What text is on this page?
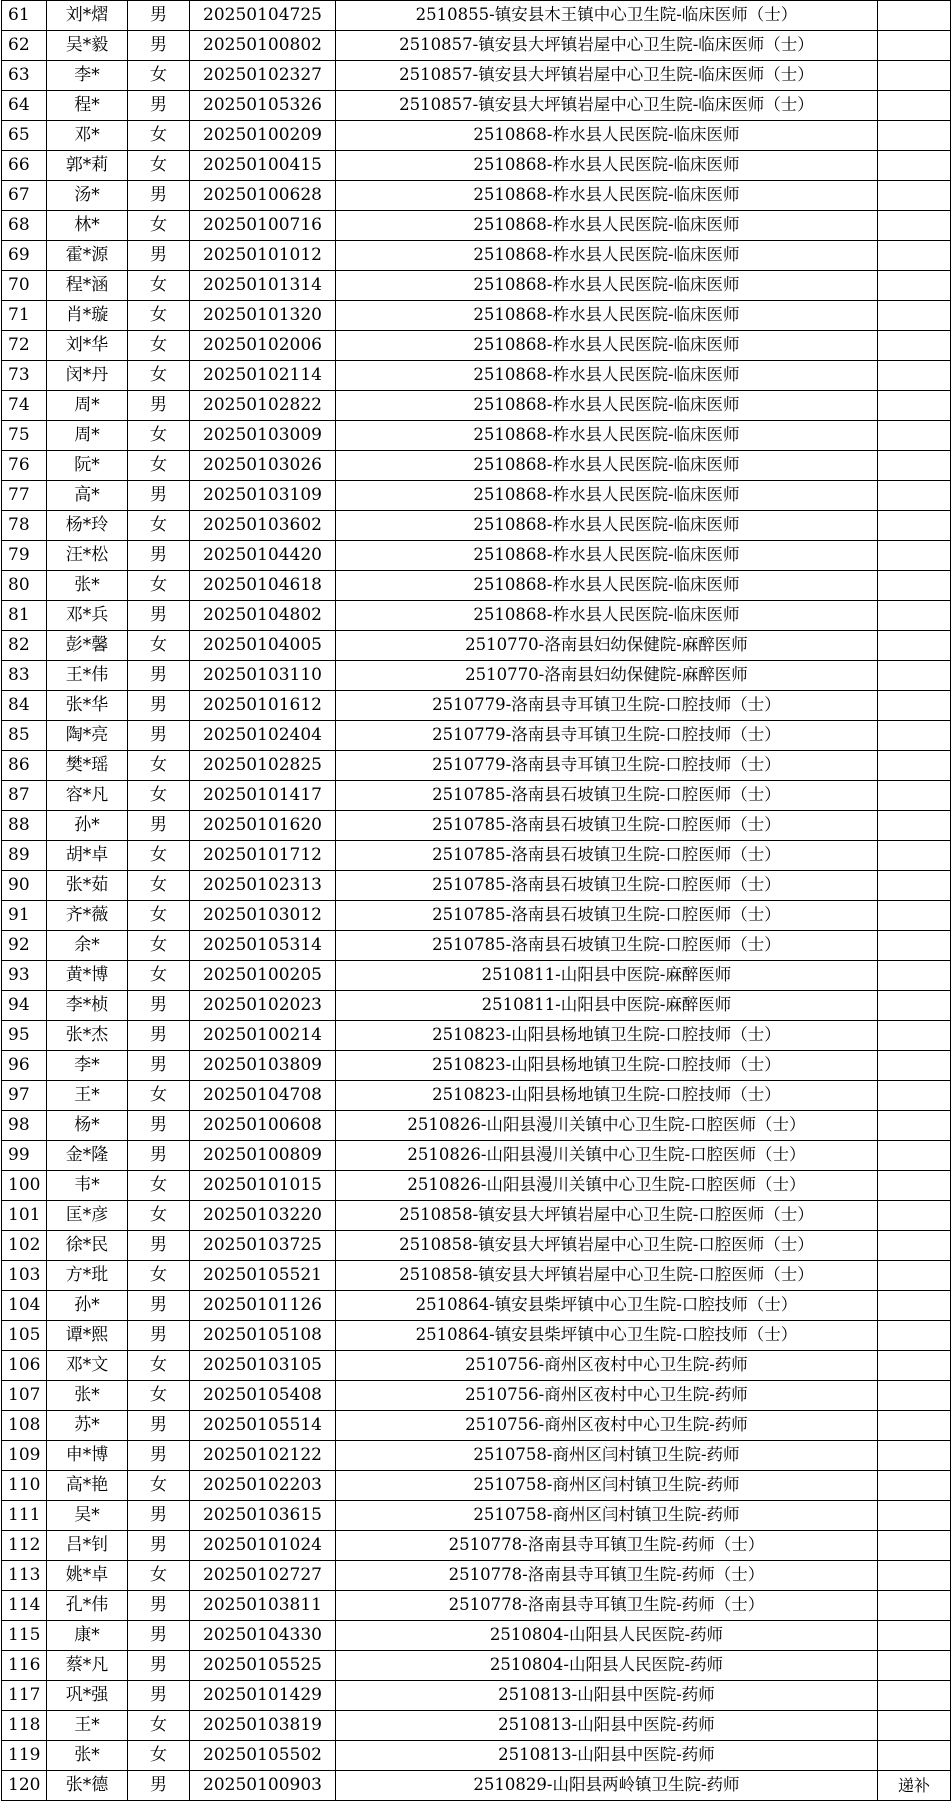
61	刘*熠	男	20250104725	2510855-镇安县木王镇中心卫生院-临床医师（士）	
62	吴*毅	男	20250100802	2510857-镇安县大坪镇岩屋中心卫生院-临床医师（士）	
63	李*	女	20250102327	2510857-镇安县大坪镇岩屋中心卫生院-临床医师（士）	
64	程*	男	20250105326	2510857-镇安县大坪镇岩屋中心卫生院-临床医师（士）	
65	邓*	女	20250100209	2510868-柞水县人民医院-临床医师	
66	郭*莉	女	20250100415	2510868-柞水县人民医院-临床医师	
67	汤*	男	20250100628	2510868-柞水县人民医院-临床医师	
68	林*	女	20250100716	2510868-柞水县人民医院-临床医师	
69	霍*源	男	20250101012	2510868-柞水县人民医院-临床医师	
70	程*涵	女	20250101314	2510868-柞水县人民医院-临床医师	
71	肖*璇	女	20250101320	2510868-柞水县人民医院-临床医师	
72	刘*华	女	20250102006	2510868-柞水县人民医院-临床医师	
73	闵*丹	女	20250102114	2510868-柞水县人民医院-临床医师	
74	周*	男	20250102822	2510868-柞水县人民医院-临床医师	
75	周*	女	20250103009	2510868-柞水县人民医院-临床医师	
76	阮*	女	20250103026	2510868-柞水县人民医院-临床医师	
77	高*	男	20250103109	2510868-柞水县人民医院-临床医师	
78	杨*玲	女	20250103602	2510868-柞水县人民医院-临床医师	
79	汪*松	男	20250104420	2510868-柞水县人民医院-临床医师	
80	张*	女	20250104618	2510868-柞水县人民医院-临床医师	
81	邓*兵	男	20250104802	2510868-柞水县人民医院-临床医师	
82	彭*馨	女	20250104005	2510770-洛南县妇幼保健院-麻醉医师	
83	王*伟	男	20250103110	2510770-洛南县妇幼保健院-麻醉医师	
84	张*华	男	20250101612	2510779-洛南县寺耳镇卫生院-口腔技师（士）	
85	陶*亮	男	20250102404	2510779-洛南县寺耳镇卫生院-口腔技师（士）	
86	樊*瑶	女	20250102825	2510779-洛南县寺耳镇卫生院-口腔技师（士）	
87	容*凡	女	20250101417	2510785-洛南县石坡镇卫生院-口腔医师（士）	
88	孙*	男	20250101620	2510785-洛南县石坡镇卫生院-口腔医师（士）	
89	胡*卓	女	20250101712	2510785-洛南县石坡镇卫生院-口腔医师（士）	
90	张*茹	女	20250102313	2510785-洛南县石坡镇卫生院-口腔医师（士）	
91	齐*薇	女	20250103012	2510785-洛南县石坡镇卫生院-口腔医师（士）	
92	余*	女	20250105314	2510785-洛南县石坡镇卫生院-口腔医师（士）	
93	黄*博	女	20250100205	2510811-山阳县中医院-麻醉医师	
94	李*桢	男	20250102023	2510811-山阳县中医院-麻醉医师	
95	张*杰	男	20250100214	2510823-山阳县杨地镇卫生院-口腔技师（士）	
96	李*	男	20250103809	2510823-山阳县杨地镇卫生院-口腔技师（士）	
97	王*	女	20250104708	2510823-山阳县杨地镇卫生院-口腔技师（士）	
98	杨*	男	20250100608	2510826-山阳县漫川关镇中心卫生院-口腔医师（士）	
99	金*隆	男	20250100809	2510826-山阳县漫川关镇中心卫生院-口腔医师（士）	
100	韦*	女	20250101015	2510826-山阳县漫川关镇中心卫生院-口腔医师（士）	
101	匡*彦	女	20250103220	2510858-镇安县大坪镇岩屋中心卫生院-口腔医师（士）	
102	徐*民	男	20250103725	2510858-镇安县大坪镇岩屋中心卫生院-口腔医师（士）	
103	方*玭	女	20250105521	2510858-镇安县大坪镇岩屋中心卫生院-口腔医师（士）	
104	孙*	男	20250101126	2510864-镇安县柴坪镇中心卫生院-口腔技师（士）	
105	谭*熙	男	20250105108	2510864-镇安县柴坪镇中心卫生院-口腔技师（士）	
106	邓*文	女	20250103105	2510756-商州区夜村中心卫生院-药师	
107	张*	女	20250105408	2510756-商州区夜村中心卫生院-药师	
108	苏*	男	20250105514	2510756-商州区夜村中心卫生院-药师	
109	申*博	男	20250102122	2510758-商州区闫村镇卫生院-药师	
110	高*艳	女	20250102203	2510758-商州区闫村镇卫生院-药师	
111	吴*	男	20250103615	2510758-商州区闫村镇卫生院-药师	
112	吕*钊	男	20250101024	2510778-洛南县寺耳镇卫生院-药师（士）	
113	姚*卓	女	20250102727	2510778-洛南县寺耳镇卫生院-药师（士）	
114	孔*伟	男	20250103811	2510778-洛南县寺耳镇卫生院-药师（士）	
115	康*	男	20250104330	2510804-山阳县人民医院-药师	
116	蔡*凡	男	20250105525	2510804-山阳县人民医院-药师	
117	巩*强	男	20250101429	2510813-山阳县中医院-药师	
118	王*	女	20250103819	2510813-山阳县中医院-药师	
119	张*	女	20250105502	2510813-山阳县中医院-药师	
120	张*德	男	20250100903	2510829-山阳县两岭镇卫生院-药师	递补
